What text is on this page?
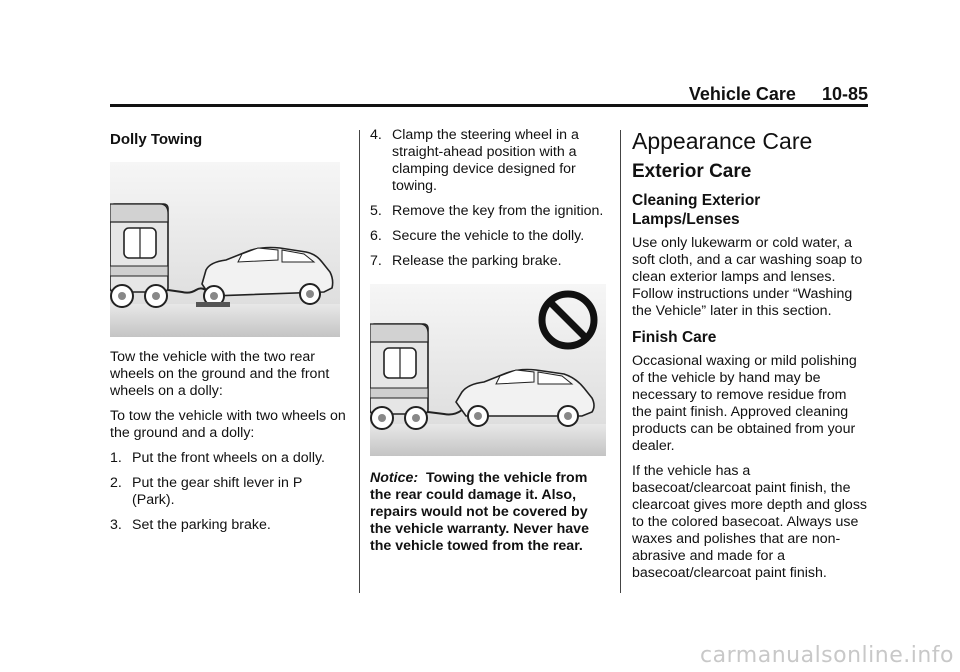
Vehicle Care 10-85
Dolly Towing

Tow the vehicle with the two rear wheels on the ground and the front wheels on a dolly:

To tow the vehicle with two wheels on the ground and a dolly:

1. Put the front wheels on a dolly.
2. Put the gear shift lever in P (Park).
3. Set the parking brake.
4. Clamp the steering wheel in a straight-ahead position with a clamping device designed for towing.
5. Remove the key from the ignition.
6. Secure the vehicle to the dolly.
7. Release the parking brake.

Notice: Towing the vehicle from the rear could damage it. Also, repairs would not be covered by the vehicle warranty. Never have the vehicle towed from the rear.

Appearance Care
Exterior Care
Cleaning Exterior Lamps/Lenses

Use only lukewarm or cold water, a soft cloth, and a car washing soap to clean exterior lamps and lenses. Follow instructions under “Washing the Vehicle” later in this section.

Finish Care

Occasional waxing or mild polishing of the vehicle by hand may be necessary to remove residue from the paint finish. Approved cleaning products can be obtained from your dealer.

If the vehicle has a basecoat/clearcoat paint finish, the clearcoat gives more depth and gloss to the colored basecoat. Always use waxes and polishes that are non-abrasive and made for a basecoat/clearcoat paint finish.

carmanualsonline.info
